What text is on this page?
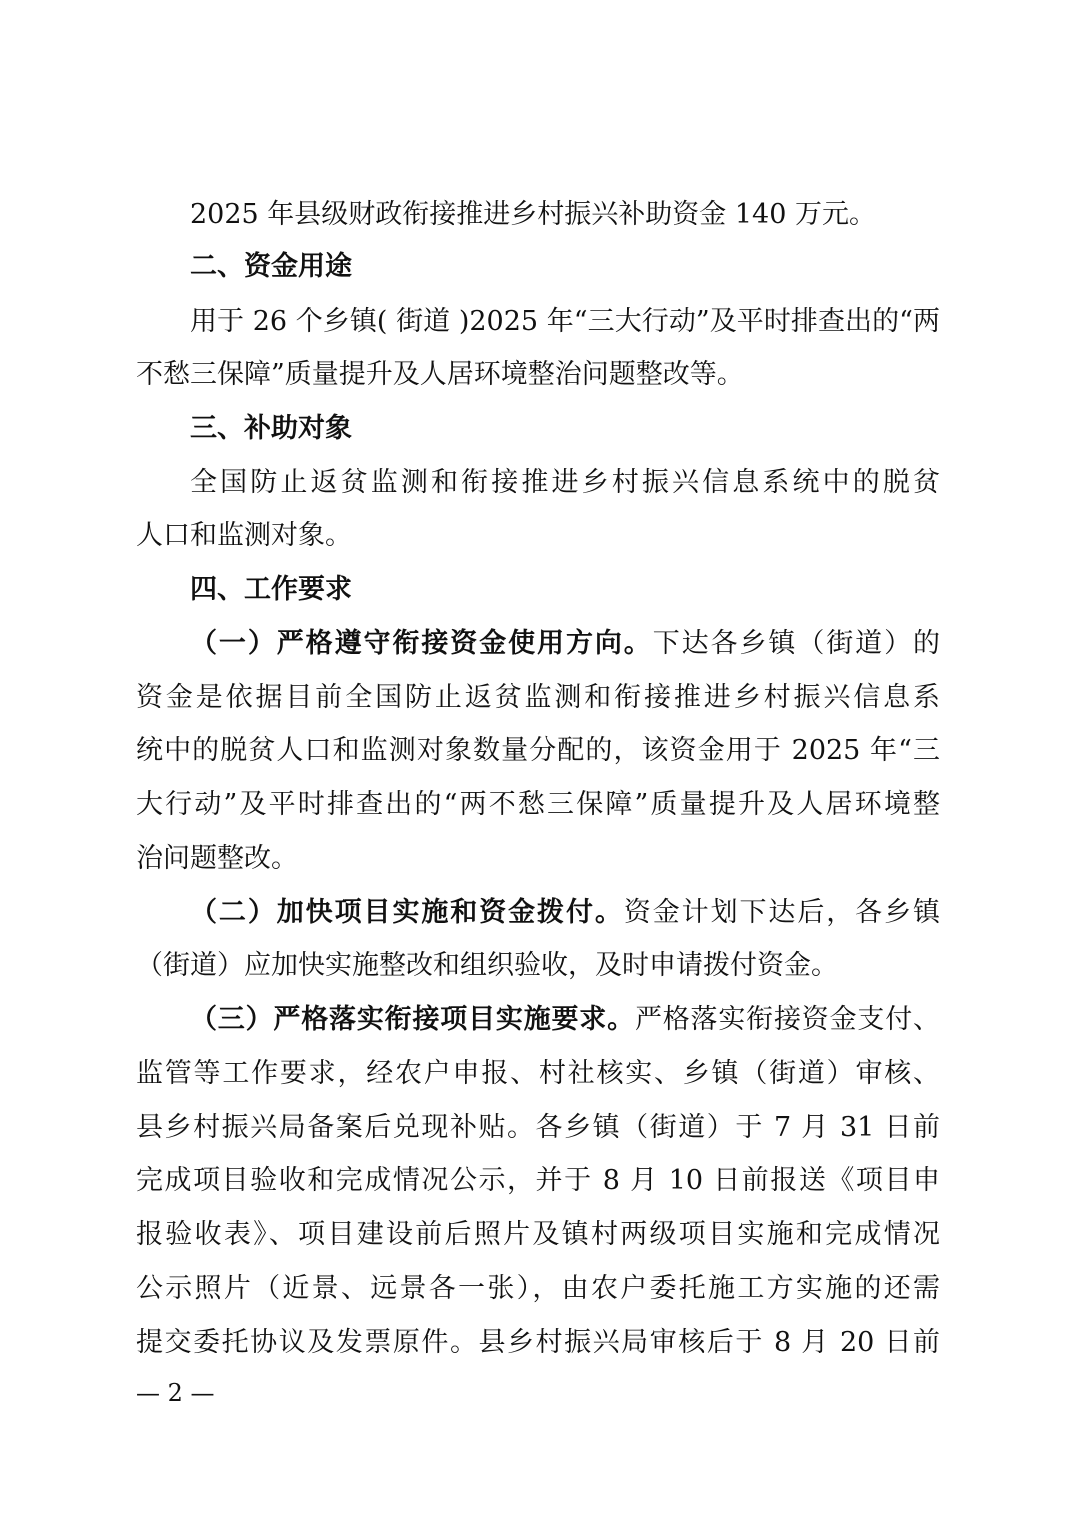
2025 年县级财政衔接推进乡村振兴补助资金 140 万元。
二、资金用途
用于 26 个乡镇( 街道 )2025 年“三大行动”及平时排查出的“两
不愁三保障”质量提升及人居环境整治问题整改等。
三、补助对象
全国防止返贫监测和衔接推进乡村振兴信息系统中的脱贫
人口和监测对象。
四、工作要求
（一）严格遵守衔接资金使用方向。下达各乡镇（街道）的
资金是依据目前全国防止返贫监测和衔接推进乡村振兴信息系
统中的脱贫人口和监测对象数量分配的，该资金用于 2025 年“三
大行动”及平时排查出的“两不愁三保障”质量提升及人居环境整
治问题整改。
（二）加快项目实施和资金拨付。资金计划下达后，各乡镇
（街道）应加快实施整改和组织验收，及时申请拨付资金。
（三）严格落实衔接项目实施要求。严格落实衔接资金支付、
监管等工作要求，经农户申报、村社核实、乡镇（街道）审核、
县乡村振兴局备案后兑现补贴。各乡镇（街道）于 7 月 31 日前
完成项目验收和完成情况公示，并于 8 月 10 日前报送《项目申
报验收表》、项目建设前后照片及镇村两级项目实施和完成情况
公示照片（近景、远景各一张），由农户委托施工方实施的还需
提交委托协议及发票原件。县乡村振兴局审核后于 8 月 20 日前
— 2 —
